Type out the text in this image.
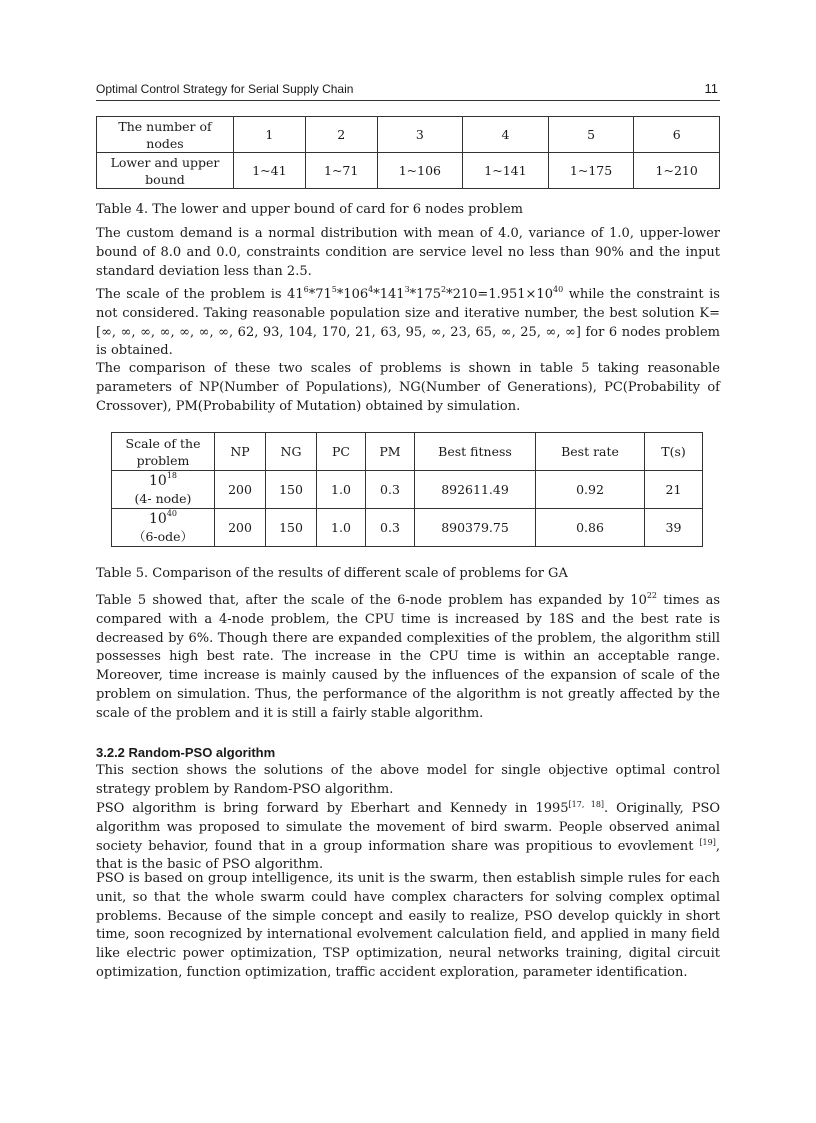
Optimal Control Strategy for Serial Supply Chain	11
The number of nodes	1	2	3	4	5	6
Lower and upper bound	1~41	1~71	1~106	1~141	1~175	1~210
Table 4. The lower and upper bound of card for 6 nodes problem

The custom demand is a normal distribution with mean of 4.0, variance of 1.0, upper-lower bound of 8.0 and 0.0, constraints condition are service level no less than 90% and the input standard deviation less than 2.5.

The scale of the problem is $41^6*71^5*106^4*141^3*175^2*210=1.951\times 10^{40}$ while the constraint is not considered. Taking reasonable population size and iterative number, the best solution K=[∞, ∞, ∞, ∞, ∞, ∞, ∞, 62, 93, 104, 170, 21, 63, 95, ∞, 23, 65, ∞, 25, ∞, ∞] for 6 nodes problem is obtained.

The comparison of these two scales of problems is shown in table 5 taking reasonable parameters of NP(Number of Populations), NG(Number of Generations), PC(Probability of Crossover), PM(Probability of Mutation) obtained by simulation.

Scale of the problem	NP	NG	PC	PM	Best fitness	Best rate	T(s)

$10^{18}$
(4- node)	200	150	1.0	0.3	892611.49	0.92	21

$10^{40}$
（6-ode）	200	150	1.0	0.3	890379.75	0.86	39
Table 5. Comparison of the results of different scale of problems for GA

Table 5 showed that, after the scale of the 6-node problem has expanded by $10^{22}$ times as compared with a 4-node problem, the CPU time is increased by 18S and the best rate is decreased by 6%. Though there are expanded complexities of the problem, the algorithm still possesses high best rate. The increase in the CPU time is within an acceptable range. Moreover, time increase is mainly caused by the influences of the expansion of scale of the problem on simulation. Thus, the performance of the algorithm is not greatly affected by the scale of the problem and it is still a fairly stable algorithm.

3.2.2 Random-PSO algorithm

This section shows the solutions of the above model for single objective optimal control strategy problem by Random-PSO algorithm.

PSO algorithm is bring forward by Eberhart and Kennedy in 1995[17, 18]. Originally, PSO algorithm was proposed to simulate the movement of bird swarm. People observed animal society behavior, found that in a group information share was propitious to evovlement [19], that is the basic of PSO algorithm.

PSO is based on group intelligence, its unit is the swarm, then establish simple rules for each unit, so that the whole swarm could have complex characters for solving complex optimal problems. Because of the simple concept and easily to realize, PSO develop quickly in short time, soon recognized by international evolvement calculation field, and applied in many field like electric power optimization, TSP optimization, neural networks training, digital circuit optimization, function optimization, traffic accident exploration, parameter identification.
